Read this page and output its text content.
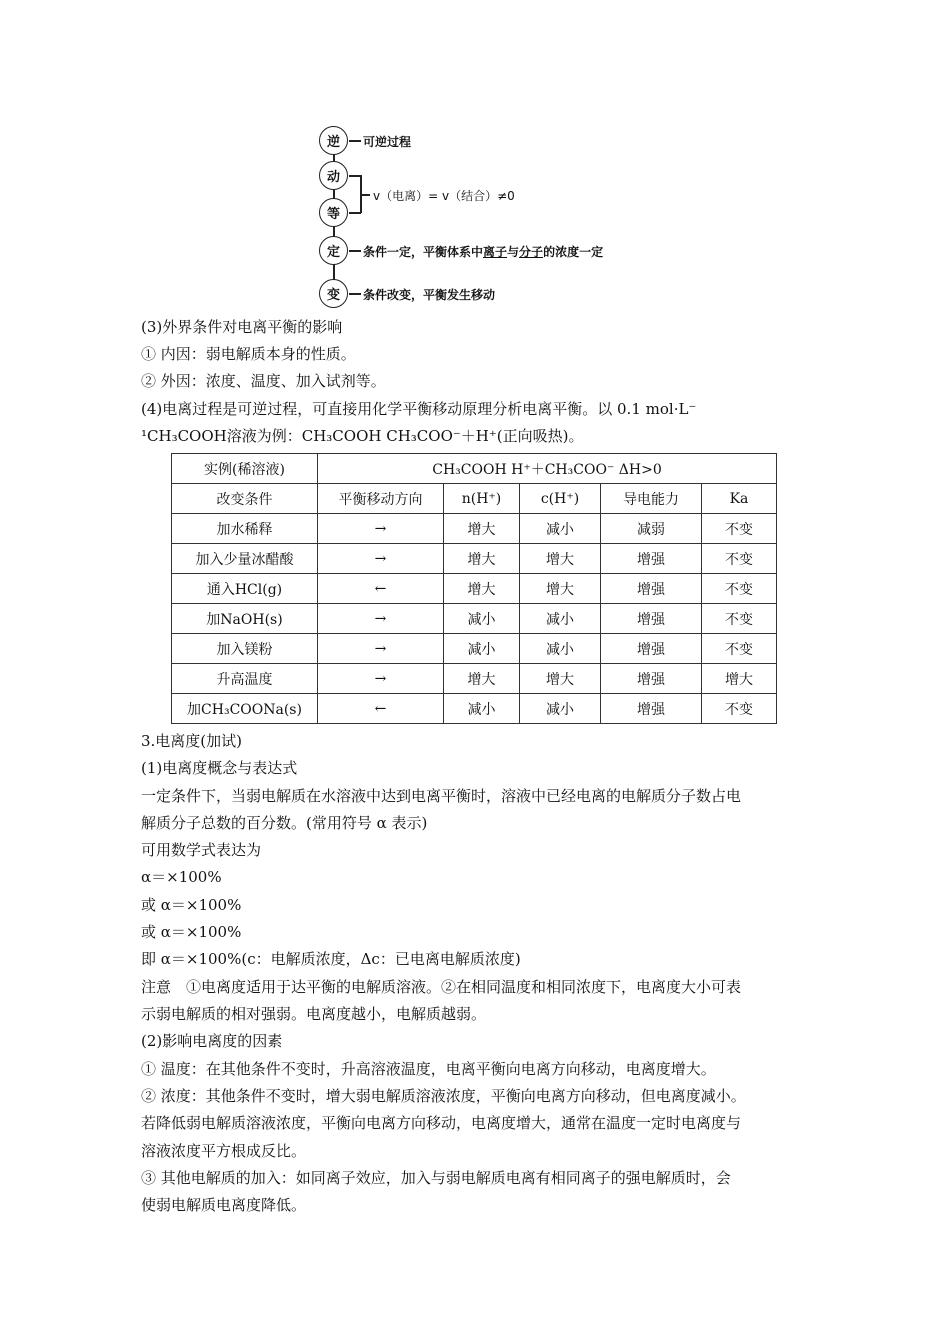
逆	可逆过程
动
等
v（电离）= v（结合）≠0
定	条件一定，平衡体系中离子与分子的浓度一定
变	条件改变，平衡发生移动
(3)外界条件对电离平衡的影响
① 内因：弱电解质本身的性质。
② 外因：浓度、温度、加入试剂等。
(4)电离过程是可逆过程，可直接用化学平衡移动原理分析电离平衡。以 0.1 mol·L⁻
¹CH₃COOH溶液为例：CH₃COOH CH₃COO⁻＋H⁺(正向吸热)。
实例(稀溶液)	CH₃COOH H⁺＋CH₃COO⁻ ΔH>0				
改变条件	平衡移动方向	n(H⁺)	c(H⁺)	导电能力	Ka
加水稀释	→	增大	减小	减弱	不变
加入少量冰醋酸	→	增大	增大	增强	不变
通入HCl(g)	←	增大	增大	增强	不变
加NaOH(s)	→	减小	减小	增强	不变
加入镁粉	→	减小	减小	增强	不变
升高温度	→	增大	增大	增强	增大
加CH₃COONa(s)	←	减小	减小	增强	不变
3.电离度(加试)
(1)电离度概念与表达式
一定条件下，当弱电解质在水溶液中达到电离平衡时，溶液中已经电离的电解质分子数占电
解质分子总数的百分数。(常用符号 α 表示)
可用数学式表达为
α＝×100%
或 α＝×100%
或 α＝×100%
即 α＝×100%(c：电解质浓度，Δc：已电离电解质浓度)
注意　①电离度适用于达平衡的电解质溶液。②在相同温度和相同浓度下，电离度大小可表
示弱电解质的相对强弱。电离度越小，电解质越弱。
(2)影响电离度的因素
① 温度：在其他条件不变时，升高溶液温度，电离平衡向电离方向移动，电离度增大。
② 浓度：其他条件不变时，增大弱电解质溶液浓度，平衡向电离方向移动，但电离度减小。
若降低弱电解质溶液浓度，平衡向电离方向移动，电离度增大，通常在温度一定时电离度与
溶液浓度平方根成反比。
③ 其他电解质的加入：如同离子效应，加入与弱电解质电离有相同离子的强电解质时，会
使弱电解质电离度降低。
